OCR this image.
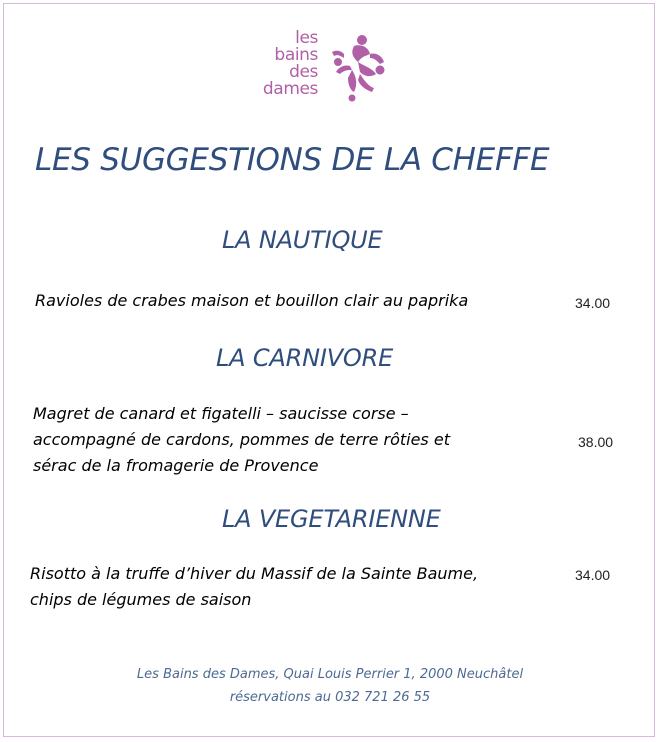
les
bains
des
dames
LES SUGGESTIONS DE LA CHEFFE
LA NAUTIQUE
Ravioles de crabes maison et bouillon clair au paprika	34.00
LA CARNIVORE
Magret de canard et figatelli – saucisse corse –
accompagné de cardons, pommes de terre rôties et
sérac de la fromagerie de Provence
38.00
LA VEGETARIENNE
Risotto à la truffe d’hiver du Massif de la Sainte Baume,
chips de légumes de saison
34.00
Les Bains des Dames, Quai Louis Perrier 1, 2000 Neuchâtel
réservations au 032 721 26 55
